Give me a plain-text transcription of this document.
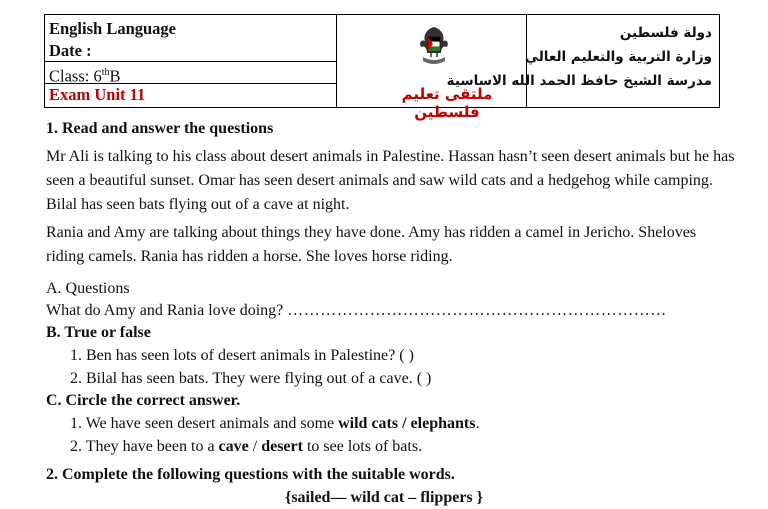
English Language
Date :
Class: 6thB
Exam Unit 11	ملتقى تعليم فلسطين
دولة فلسطين
وزارة التربية والتعليم العالي
مدرسة الشيخ حافظ الحمد الله الاساسية
1. Read and answer the questions
Mr Ali is talking to his class about desert animals in Palestine. Hassan hasn’t seen desert animals but he has seen a beautiful sunset. Omar has seen desert animals and saw wild cats and a hedgehog while camping. Bilal has seen bats flying out of a cave at night.
Rania and Amy are talking about things they have done. Amy has ridden a camel in Jericho. Sheloves riding camels. Rania has ridden a horse. She loves horse riding.
A. Questions
What do Amy and Rania love doing? ……………………………………………………………
B. True or false
1. Ben has seen lots of desert animals in Palestine? ( )
2. Bilal has seen bats. They were flying out of a cave. ( )
C. Circle the correct answer.
1. We have seen desert animals and some wild cats / elephants.
2. They have been to a cave / desert to see lots of bats.
2. Complete the following questions with the suitable words.
{sailed— wild cat – flippers }
